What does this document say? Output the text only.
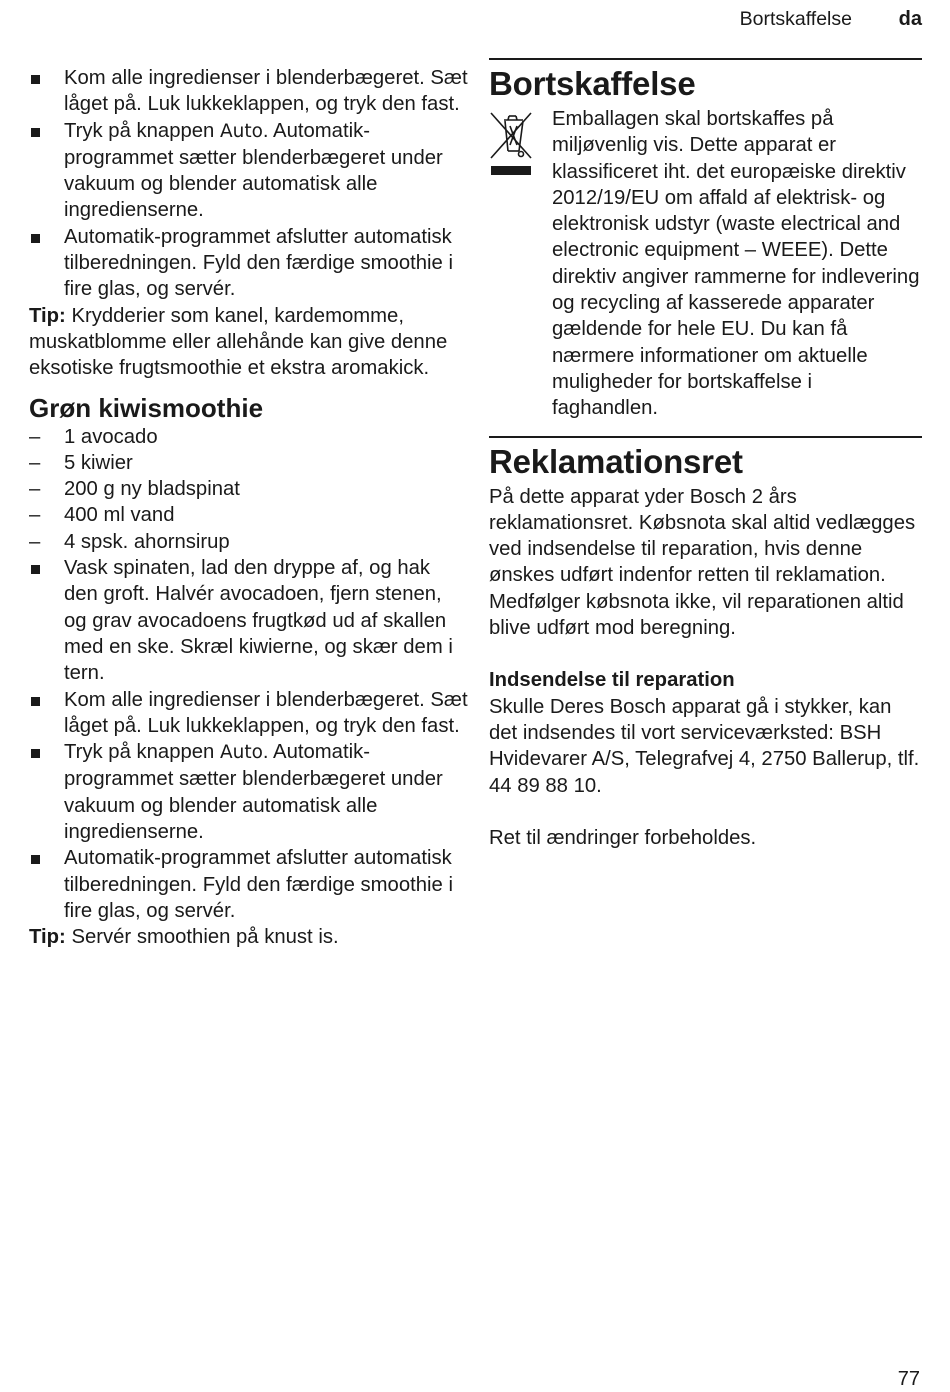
Bortskaffelse da
Kom alle ingredienser i blenderbægeret. Sæt låget på. Luk lukkeklappen, og tryk den fast.
Tryk på knappen Auto. Automatik-programmet sætter blenderbægeret under vakuum og blender automatisk alle ingredienserne.
Automatik-programmet afslutter automatisk tilberedningen. Fyld den færdige smoothie i fire glas, og servér.
Tip: Krydderier som kanel, kardemomme, muskatblomme eller allehånde kan give denne eksotiske frugtsmoothie et ekstra aromakick.
Grøn kiwismoothie
– 1 avocado
– 5 kiwier
– 200 g ny bladspinat
– 400 ml vand
– 4 spsk. ahornsirup
Vask spinaten, lad den dryppe af, og hak den groft. Halvér avocadoen, fjern stenen, og grav avocadoens frugtkød ud af skallen med en ske. Skræl kiwierne, og skær dem i tern.
Kom alle ingredienser i blenderbægeret. Sæt låget på. Luk lukkeklappen, og tryk den fast.
Tryk på knappen Auto. Automatik-programmet sætter blenderbægeret under vakuum og blender automatisk alle ingredienserne.
Automatik-programmet afslutter automatisk tilberedningen. Fyld den færdige smoothie i fire glas, og servér.
Tip: Servér smoothien på knust is.
Bortskaffelse
Emballagen skal bortskaffes på miljøvenlig vis. Dette apparat er klassificeret iht. det europæiske direktiv 2012/19/EU om affald af elektrisk- og elektronisk udstyr (waste electrical and electronic equipment – WEEE). Dette direktiv angiver rammerne for indlevering og recycling af kasserede apparater gældende for hele EU. Du kan få nærmere informationer om aktuelle muligheder for bortskaffelse i faghandlen.
Reklamationsret
På dette apparat yder Bosch 2 års reklamationsret. Købsnota skal altid vedlægges ved indsendelse til reparation, hvis denne ønskes udført indenfor retten til reklamation. Medfølger købsnota ikke, vil reparationen altid blive udført mod beregning.
Indsendelse til reparation
Skulle Deres Bosch apparat gå i stykker, kan det indsendes til vort serviceværksted: BSH Hvidevarer A/S, Telegrafvej 4, 2750 Ballerup, tlf. 44 89 88 10.
Ret til ændringer forbeholdes.
77
